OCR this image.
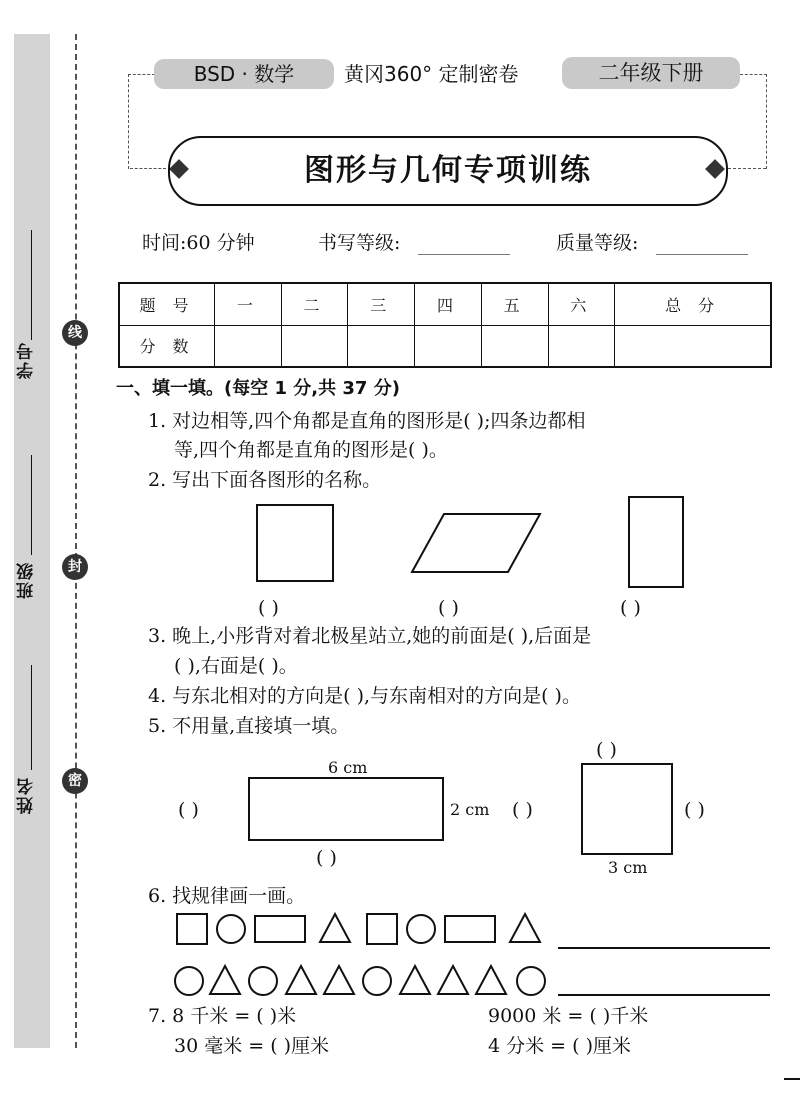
学号
班级
姓名
线
封
密
BSD · 数学	黄冈360° 定制密卷	二年级下册
图形与几何专项训练
时间:60 分钟	书写等级:	质量等级:
题 号	一	二	三	四	五	六	总 分
分 数							
一、填一填。(每空 1 分,共 37 分)
1. 对边相等,四个角都是直角的图形是( );四条边都相
等,四个角都是直角的图形是( )。
2. 写出下面各图形的名称。
( )	( )	( )
3. 晚上,小彤背对着北极星站立,她的前面是( ),后面是
( ),右面是( )。
4. 与东北相对的方向是( ),与东南相对的方向是( )。
5. 不用量,直接填一填。
6 cm
2 cm
( )
( )
( )
( )
( )
3 cm
6. 找规律画一画。
7. 8 千米 = ( )米	9000 米 = ( )千米
30 毫米 = ( )厘米	4 分米 = ( )厘米
